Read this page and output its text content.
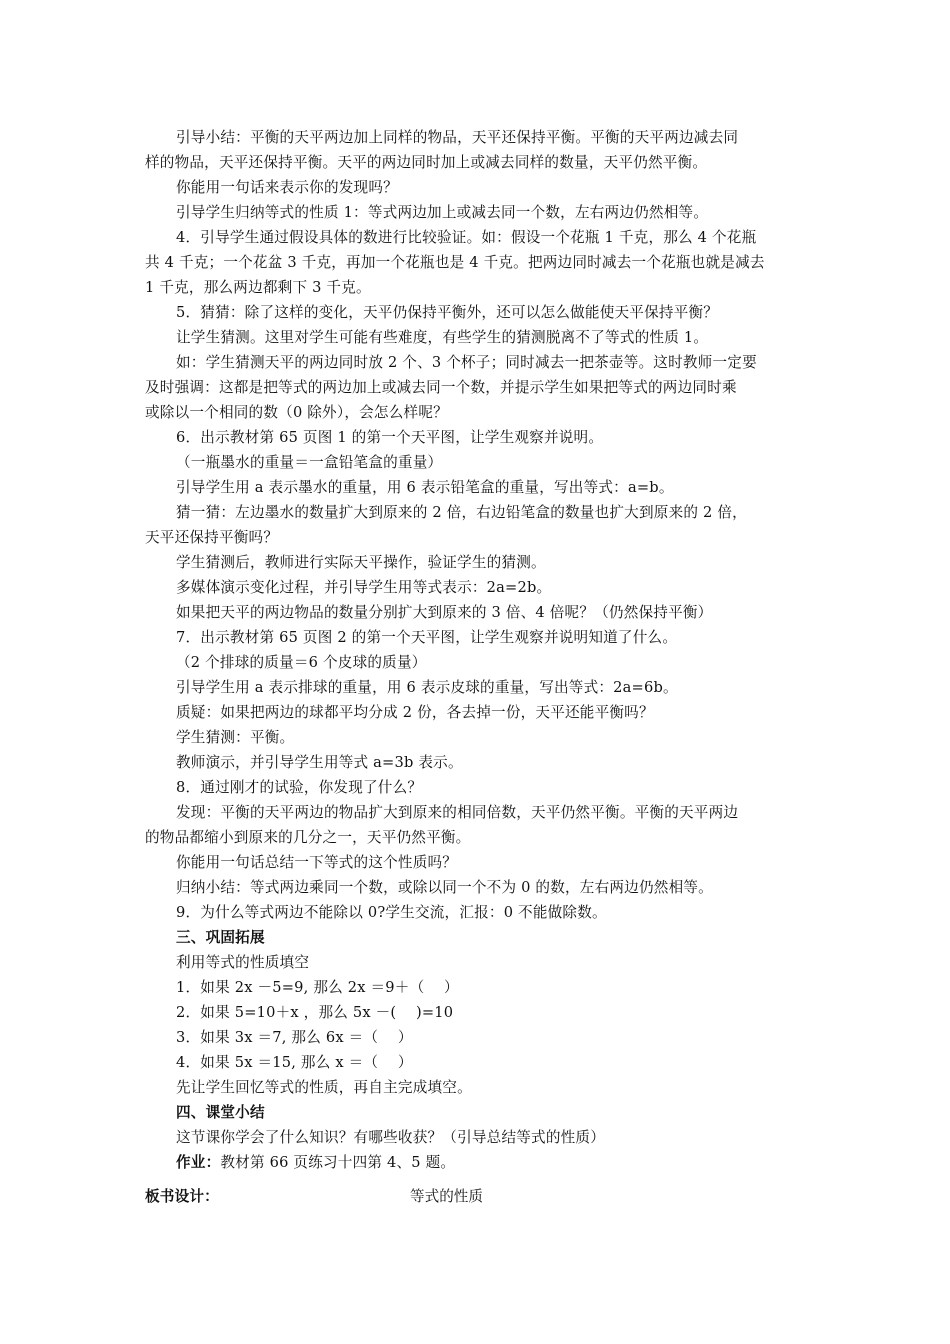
引导小结：平衡的天平两边加上同样的物品，天平还保持平衡。平衡的天平两边减去同
样的物品，天平还保持平衡。天平的两边同时加上或减去同样的数量，天平仍然平衡。
你能用一句话来表示你的发现吗？
引导学生归纳等式的性质 1：等式两边加上或减去同一个数，左右两边仍然相等。
4．引导学生通过假设具体的数进行比较验证。如：假设一个花瓶 1 千克，那么 4 个花瓶
共 4 千克；一个花盆 3 千克，再加一个花瓶也是 4 千克。把两边同时减去一个花瓶也就是减去
1 千克，那么两边都剩下 3 千克。
5．猜猜：除了这样的变化，天平仍保持平衡外，还可以怎么做能使天平保持平衡？
让学生猜测。这里对学生可能有些难度，有些学生的猜测脱离不了等式的性质 1。
如：学生猜测天平的两边同时放 2 个、3 个杯子；同时减去一把茶壶等。这时教师一定要
及时强调：这都是把等式的两边加上或减去同一个数，并提示学生如果把等式的两边同时乘
或除以一个相同的数（0 除外），会怎么样呢？
6．出示教材第 65 页图 1 的第一个天平图，让学生观察并说明。
（一瓶墨水的重量＝一盒铅笔盒的重量）
引导学生用 a 表示墨水的重量，用 6 表示铅笔盒的重量，写出等式：a=b。
猜一猜：左边墨水的数量扩大到原来的 2 倍，右边铅笔盒的数量也扩大到原来的 2 倍，
天平还保持平衡吗？
学生猜测后，教师进行实际天平操作，验证学生的猜测。
多媒体演示变化过程，并引导学生用等式表示：2a=2b。
如果把天平的两边物品的数量分别扩大到原来的 3 倍、4 倍呢？（仍然保持平衡）
7．出示教材第 65 页图 2 的第一个天平图，让学生观察并说明知道了什么。
（2 个排球的质量＝6 个皮球的质量）
引导学生用 a 表示排球的重量，用 6 表示皮球的重量，写出等式：2a=6b。
质疑：如果把两边的球都平均分成 2 份，各去掉一份，天平还能平衡吗？
学生猜测：平衡。
教师演示，并引导学生用等式 a=3b 表示。
8．通过刚才的试验，你发现了什么？
发现：平衡的天平两边的物品扩大到原来的相同倍数，天平仍然平衡。平衡的天平两边
的物品都缩小到原来的几分之一，天平仍然平衡。
你能用一句话总结一下等式的这个性质吗？
归纳小结：等式两边乘同一个数，或除以同一个不为 0 的数，左右两边仍然相等。
9．为什么等式两边不能除以 0?学生交流，汇报：0 不能做除数。
三、巩固拓展
利用等式的性质填空
1．如果 2x －5=9, 那么 2x ＝9＋（　 ）
2．如果 5=10＋x ，那么 5x －(　 )=10
3．如果 3x ＝7, 那么 6x ＝（　 ）
4．如果 5x ＝15, 那么 x ＝（　 ）
先让学生回忆等式的性质，再自主完成填空。
四、课堂小结
这节课你学会了什么知识？有哪些收获？（引导总结等式的性质）
作业：教材第 66 页练习十四第 4、5 题。
板书设计：	等式的性质
